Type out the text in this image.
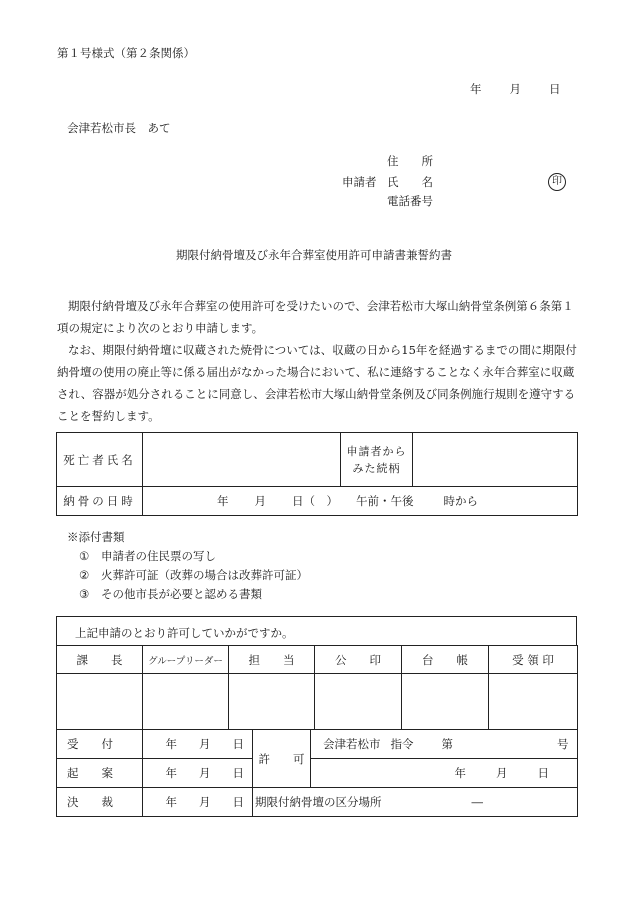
第１号様式（第２条関係）
年 月 日
会津若松市長　あて
住　　所
申請者 氏　　名	印
電話番号
期限付納骨壇及び永年合葬室使用許可申請書兼誓約書

期限付納骨壇及び永年合葬室の使用許可を受けたいので、会津若松市大塚山納骨堂条例第６条第１項の規定により次のとおり申請します。

なお、期限付納骨壇に収蔵された焼骨については、収蔵の日から15年を経過するまでの間に期限付納骨壇の使用の廃止等に係る届出がなかった場合において、私に連絡することなく永年合葬室に収蔵され、容器が処分されることに同意し、会津若松市大塚山納骨堂条例及び同条例施行規則を遵守することを誓約します。

死亡者氏名		申請者から
みた続柄	

納骨の日時	年 月 日（　） 午前・午後 時から		
※添付書類
① 申請者の住民票の写し
② 火葬許可証（改葬の場合は改葬許可証）
③ その他市長が必要と認める書類
上記申請のとおり許可していかがですか。
課　　長	グループリーダー	担　　当	公　　印	台　　帳	受 領 印

受　　付	年 月 日	許　　可	会津若松市 指令 第 号

起　　案	年 月 日		年 月 日

決　　裁	年 月 日	期限付納骨壇の区分場所 ―	
